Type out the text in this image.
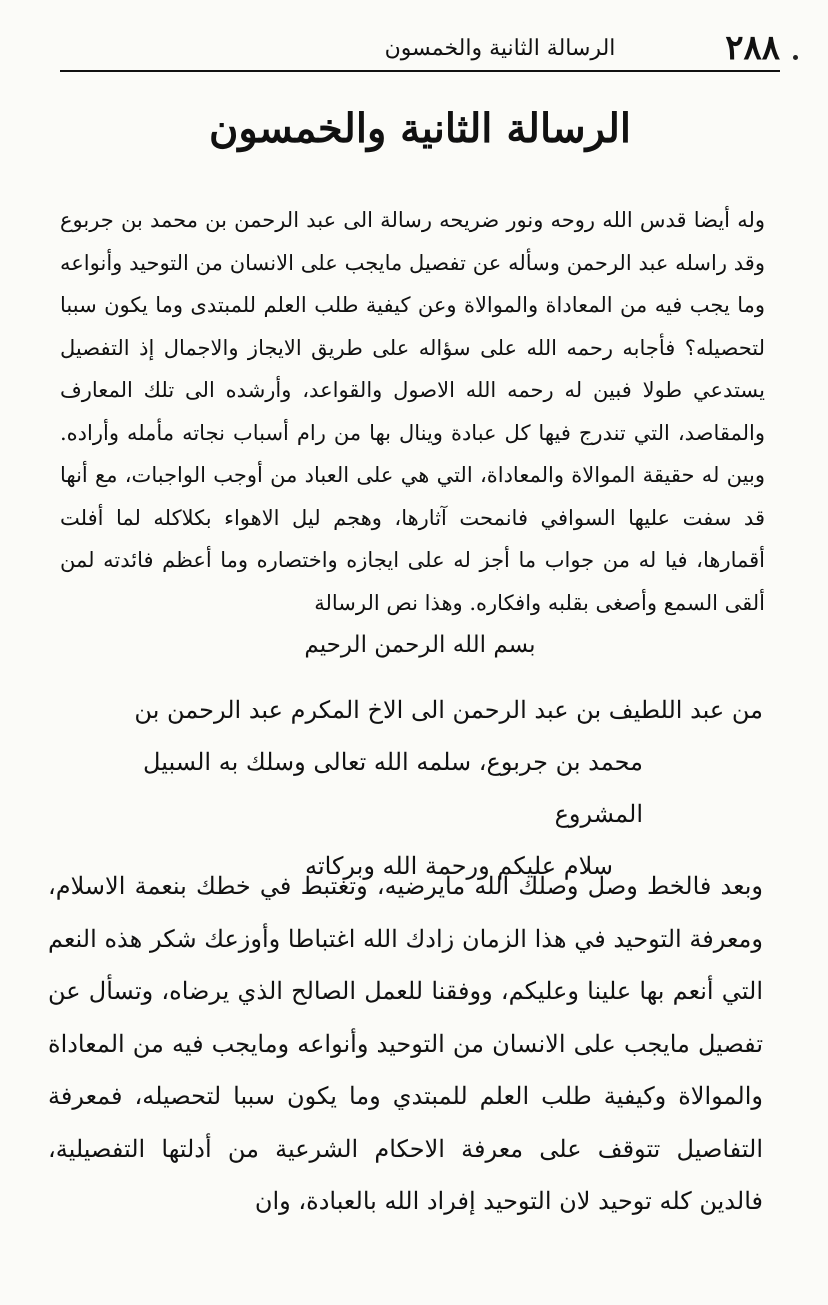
٢٨٨
الرسالة الثانية والخمسون
الرسالة الثانية والخمسون

وله أيضا قدس الله روحه ونور ضريحه رسالة الى عبد الرحمن بن محمد بن جربوع وقد راسله عبد الرحمن وسأله عن تفصيل مايجب على الانسان من التوحيد وأنواعه وما يجب فيه من المعاداة والموالاة وعن كيفية طلب العلم للمبتدى وما يكون سببا لتحصيله؟ فأجابه رحمه الله على سؤاله على طريق الايجاز والاجمال إذ التفصيل يستدعي طولا فبين له رحمه الله الاصول والقواعد، وأرشده الى تلك المعارف والمقاصد، التي تندرج فيها كل عبادة وينال بها من رام أسباب نجاته مأمله وأراده. وبين له حقيقة الموالاة والمعاداة، التي هي على العباد من أوجب الواجبات، مع أنها قد سفت عليها السوافي فانمحت آثارها، وهجم ليل الاهواء بكلاكله لما أفلت أقمارها، فيا له من جواب ما أجز له على ايجازه واختصاره وما أعظم فائدته لمن ألقى السمع وأصغى بقلبه وافكاره. وهذا نص الرسالة

بسم الله الرحمن الرحيم

من عبد اللطيف بن عبد الرحمن الى الاخ المكرم عبد الرحمن بن

محمد بن جربوع، سلمه الله تعالى وسلك به السبيل المشروع

سلام عليكم ورحمة الله وبركاته

وبعد فالخط وصل وصلك الله مايرضيه، وتغتبط في خطك بنعمة الاسلام، ومعرفة التوحيد في هذا الزمان زادك الله اغتباطا وأوزعك شكر هذه النعم التي أنعم بها علينا وعليكم، ووفقنا للعمل الصالح الذي يرضاه، وتسأل عن تفصيل مايجب على الانسان من التوحيد وأنواعه ومايجب فيه من المعاداة والموالاة وكيفية طلب العلم للمبتدي وما يكون سببا لتحصيله، فمعرفة التفاصيل تتوقف على معرفة الاحكام الشرعية من أدلتها التفصيلية، فالدين كله توحيد لان التوحيد إفراد الله بالعبادة، وان
